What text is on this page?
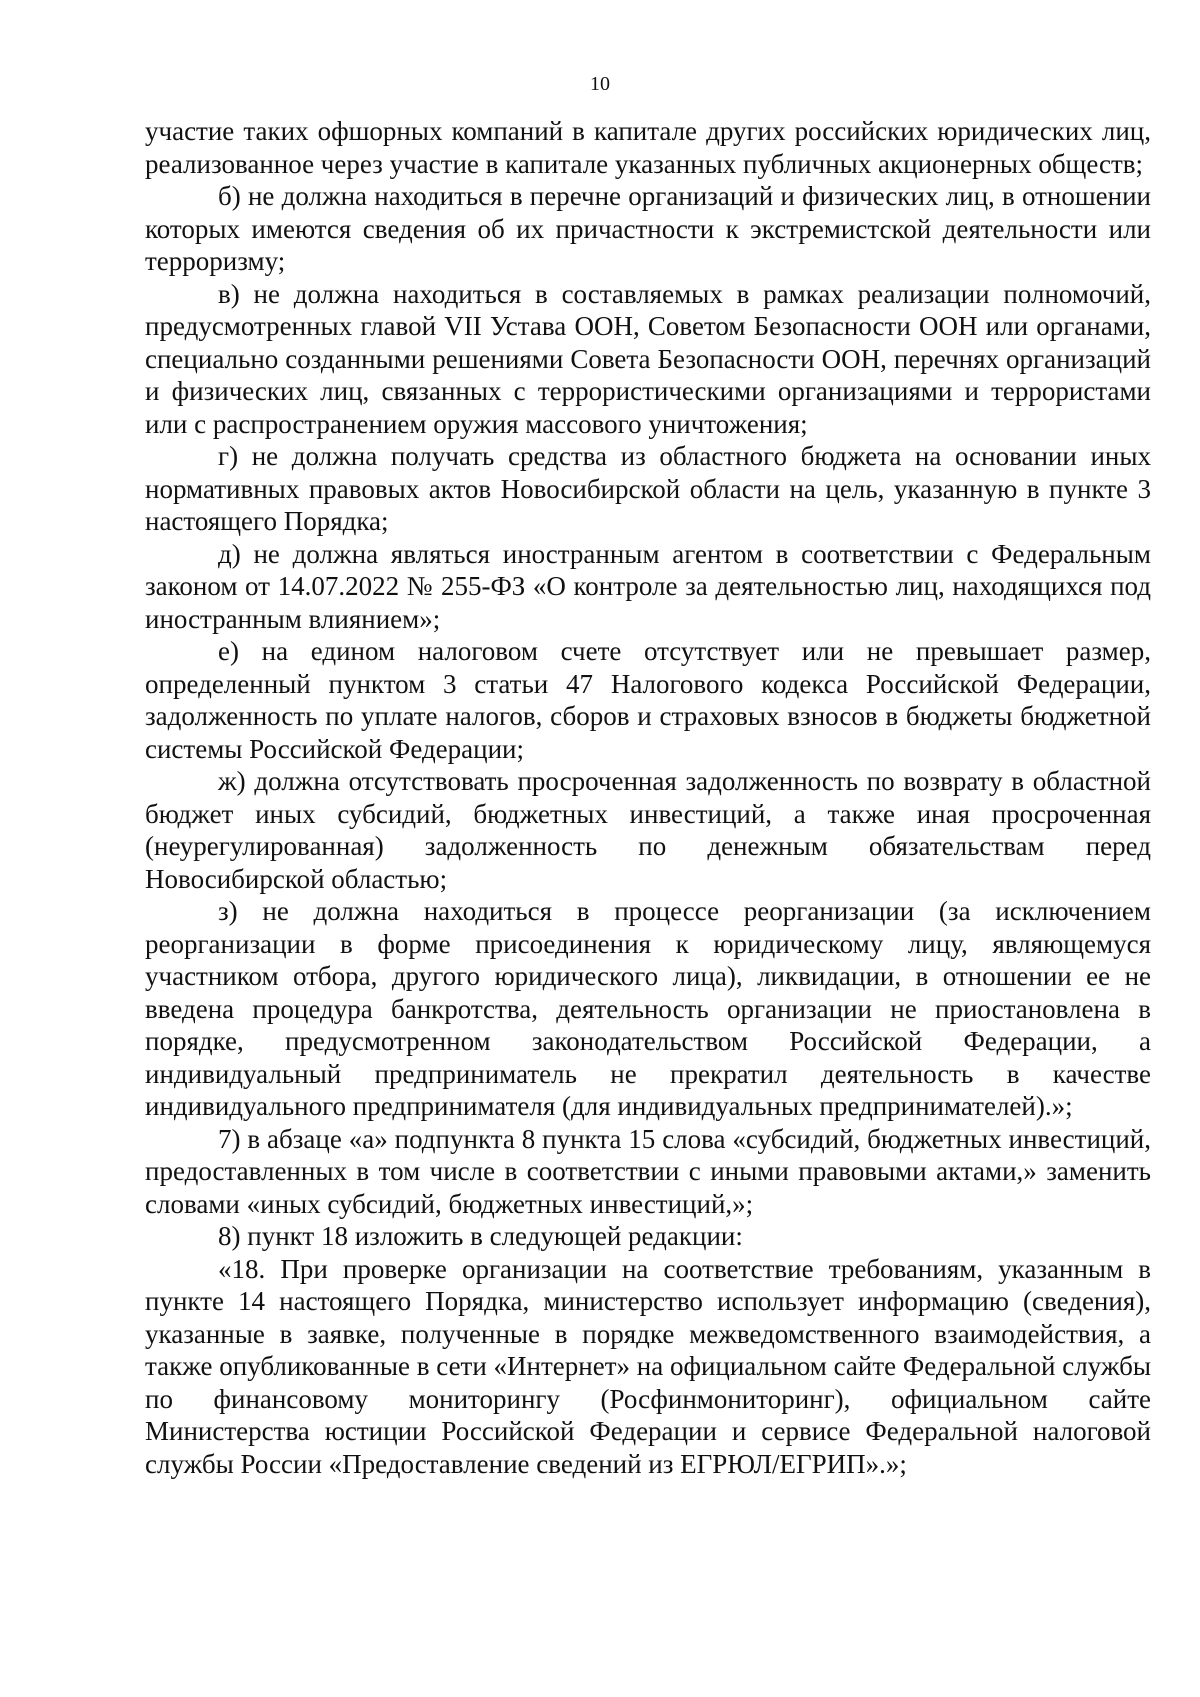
10

участие таких офшорных компаний в капитале других российских юридических лиц, реализованное через участие в капитале указанных публичных акционерных обществ;

б) не должна находиться в перечне организаций и физических лиц, в отношении которых имеются сведения об их причастности к экстремистской деятельности или терроризму;

в) не должна находиться в составляемых в рамках реализации полномочий, предусмотренных главой VII Устава ООН, Советом Безопасности ООН или органами, специально созданными решениями Совета Безопасности ООН, перечнях организаций и физических лиц, связанных с террористическими организациями и террористами или с распространением оружия массового уничтожения;

г) не должна получать средства из областного бюджета на основании иных нормативных правовых актов Новосибирской области на цель, указанную в пункте 3 настоящего Порядка;

д) не должна являться иностранным агентом в соответствии с Федеральным законом от 14.07.2022 № 255-ФЗ «О контроле за деятельностью лиц, находящихся под иностранным влиянием»;

е) на едином налоговом счете отсутствует или не превышает размер, определенный пунктом 3 статьи 47 Налогового кодекса Российской Федерации, задолженность по уплате налогов, сборов и страховых взносов в бюджеты бюджетной системы Российской Федерации;

ж) должна отсутствовать просроченная задолженность по возврату в областной бюджет иных субсидий, бюджетных инвестиций, а также иная просроченная (неурегулированная) задолженность по денежным обязательствам перед Новосибирской областью;

з) не должна находиться в процессе реорганизации (за исключением реорганизации в форме присоединения к юридическому лицу, являющемуся участником отбора, другого юридического лица), ликвидации, в отношении ее не введена процедура банкротства, деятельность организации не приостановлена в порядке, предусмотренном законодательством Российской Федерации, а индивидуальный предприниматель не прекратил деятельность в качестве индивидуального предпринимателя (для индивидуальных предпринимателей).»;

7) в абзаце «а» подпункта 8 пункта 15 слова «субсидий, бюджетных инвестиций, предоставленных в том числе в соответствии с иными правовыми актами,» заменить словами «иных субсидий, бюджетных инвестиций,»;

8) пункт 18 изложить в следующей редакции:

«18. При проверке организации на соответствие требованиям, указанным в пункте 14 настоящего Порядка, министерство использует информацию (сведения), указанные в заявке, полученные в порядке межведомственного взаимодействия, а также опубликованные в сети «Интернет» на официальном сайте Федеральной службы по финансовому мониторингу (Росфинмониторинг), официальном сайте Министерства юстиции Российской Федерации и сервисе Федеральной налоговой службы России «Предоставление сведений из ЕГРЮЛ/ЕГРИП».»;
